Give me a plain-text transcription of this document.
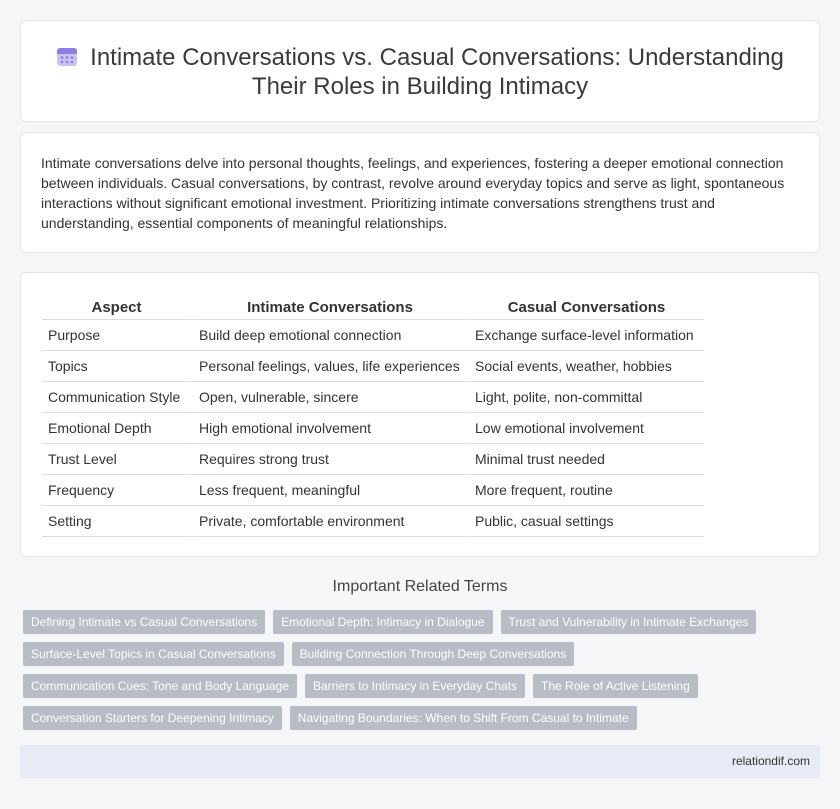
Intimate Conversations vs. Casual Conversations: Understanding
Their Roles in Building Intimacy

Intimate conversations delve into personal thoughts, feelings, and experiences, fostering a deeper emotional connection between individuals. Casual conversations, by contrast, revolve around everyday topics and serve as light, spontaneous interactions without significant emotional investment. Prioritizing intimate conversations strengthens trust and understanding, essential components of meaningful relationships.

Aspect	Intimate Conversations	Casual Conversations
Purpose	Build deep emotional connection	Exchange surface-level information
Topics	Personal feelings, values, life experiences	Social events, weather, hobbies
Communication Style	Open, vulnerable, sincere	Light, polite, non-committal
Emotional Depth	High emotional involvement	Low emotional involvement
Trust Level	Requires strong trust	Minimal trust needed
Frequency	Less frequent, meaningful	More frequent, routine
Setting	Private, comfortable environment	Public, casual settings
Important Related Terms
Defining Intimate vs Casual Conversations	Emotional Depth: Intimacy in Dialogue	Trust and Vulnerability in Intimate Exchanges
Surface-Level Topics in Casual Conversations	Building Connection Through Deep Conversations
Communication Cues: Tone and Body Language	Barriers to Intimacy in Everyday Chats	The Role of Active Listening
Conversation Starters for Deepening Intimacy	Navigating Boundaries: When to Shift From Casual to Intimate
relationdif.com
